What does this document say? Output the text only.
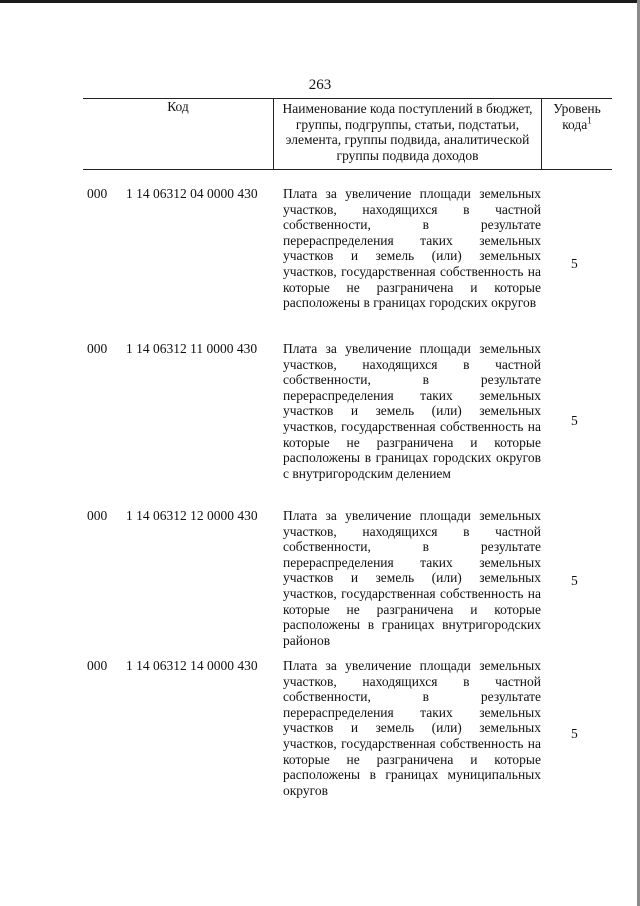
263
Код	Наименование кода поступлений в бюджет, группы, подгруппы, статьи, подстатьи, элемента, группы подвида, аналитической группы подвида доходов
Уровень кода$^1$
000 1 14 06312 04 0000 430 Плата за увеличение площади земельных участков, находящихся в частной собственности, в результате перераспределения таких земельных участков и земель (или) земельных участков, государственная собственность на которые не разграничена и которые расположены в границах городских округов
5
000 1 14 06312 11 0000 430 Плата за увеличение площади земельных участков, находящихся в частной собственности, в результате перераспределения таких земельных участков и земель (или) земельных участков, государственная собственность на которые не разграничена и которые расположены в границах городских округов с внутригородским делением
5
000 1 14 06312 12 0000 430 Плата за увеличение площади земельных участков, находящихся в частной собственности, в результате перераспределения таких земельных участков и земель (или) земельных участков, государственная собственность на которые не разграничена и которые расположены в границах внутригородских районов
5
000 1 14 06312 14 0000 430 Плата за увеличение площади земельных участков, находящихся в частной собственности, в результате перераспределения таких земельных участков и земель (или) земельных участков, государственная собственность на которые не разграничена и которые расположены в границах муниципальных округов
5
